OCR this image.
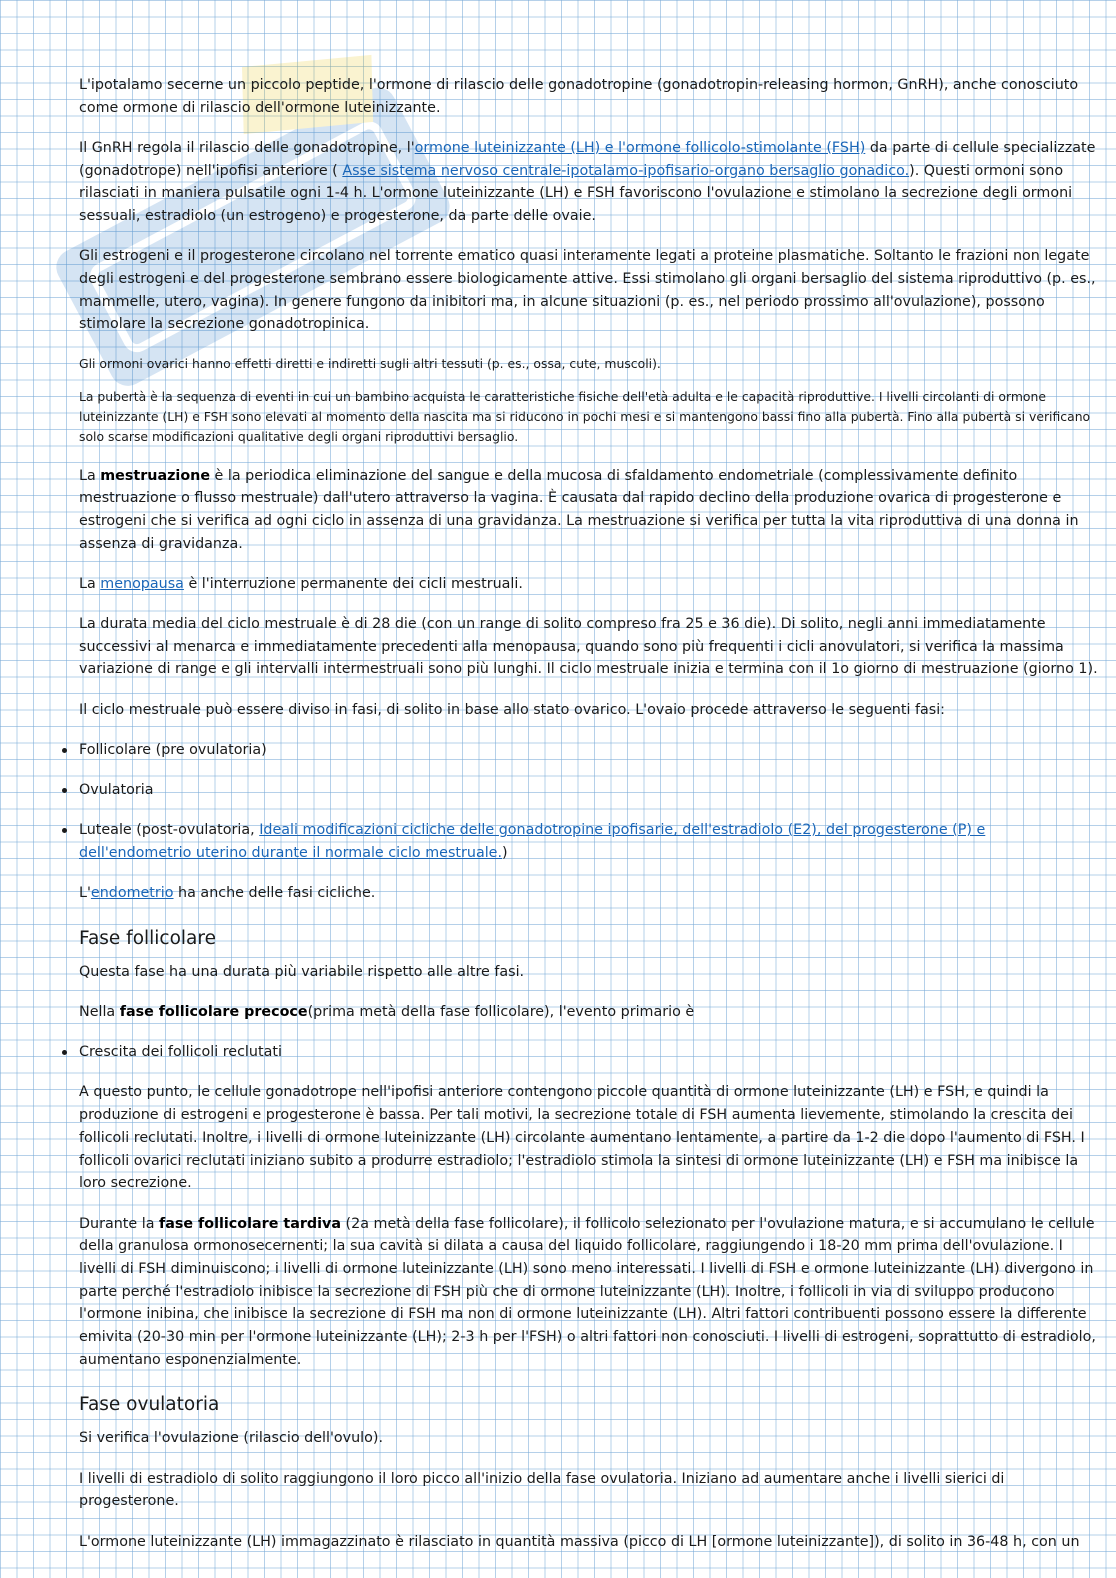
L'ipotalamo secerne un piccolo peptide, l'ormone di rilascio delle gonadotropine (gonadotropin-releasing hormon, GnRH), anche conosciuto come ormone di rilascio dell'ormone luteinizzante.

Il GnRH regola il rilascio delle gonadotropine, l'ormone luteinizzante (LH) e l'ormone follicolo-stimolante (FSH) da parte di cellule specializzate (gonadotrope) nell'ipofisi anteriore ( Asse sistema nervoso centrale-ipotalamo-ipofisario-organo bersaglio gonadico.). Questi ormoni sono rilasciati in maniera pulsatile ogni 1-4 h. L'ormone luteinizzante (LH) e FSH favoriscono l'ovulazione e stimolano la secrezione degli ormoni sessuali, estradiolo (un estrogeno) e progesterone, da parte delle ovaie.

Gli estrogeni e il progesterone circolano nel torrente ematico quasi interamente legati a proteine plasmatiche. Soltanto le frazioni non legate degli estrogeni e del progesterone sembrano essere biologicamente attive. Essi stimolano gli organi bersaglio del sistema riproduttivo (p. es., mammelle, utero, vagina). In genere fungono da inibitori ma, in alcune situazioni (p. es., nel periodo prossimo all'ovulazione), possono stimolare la secrezione gonadotropinica.

Gli ormoni ovarici hanno effetti diretti e indiretti sugli altri tessuti (p. es., ossa, cute, muscoli).

La pubertà è la sequenza di eventi in cui un bambino acquista le caratteristiche fisiche dell'età adulta e le capacità riproduttive. I livelli circolanti di ormone luteinizzante (LH) e FSH sono elevati al momento della nascita ma si riducono in pochi mesi e si mantengono bassi fino alla pubertà. Fino alla pubertà si verificano solo scarse modificazioni qualitative degli organi riproduttivi bersaglio.

La mestruazione è la periodica eliminazione del sangue e della mucosa di sfaldamento endometriale (complessivamente definito mestruazione o flusso mestruale) dall'utero attraverso la vagina. È causata dal rapido declino della produzione ovarica di progesterone e estrogeni che si verifica ad ogni ciclo in assenza di una gravidanza. La mestruazione si verifica per tutta la vita riproduttiva di una donna in assenza di gravidanza.

La menopausa è l'interruzione permanente dei cicli mestruali.

La durata media del ciclo mestruale è di 28 die (con un range di solito compreso fra 25 e 36 die). Di solito, negli anni immediatamente successivi al menarca e immediatamente precedenti alla menopausa, quando sono più frequenti i cicli anovulatori, si verifica la massima variazione di range e gli intervalli intermestruali sono più lunghi. Il ciclo mestruale inizia e termina con il 1o giorno di mestruazione (giorno 1).

Il ciclo mestruale può essere diviso in fasi, di solito in base allo stato ovarico. L'ovaio procede attraverso le seguenti fasi:

Follicolare (pre ovulatoria)
Ovulatoria
Luteale (post-ovulatoria, Ideali modificazioni cicliche delle gonadotropine ipofisarie, dell'estradiolo (E2), del progesterone (P) e dell'endometrio uterino durante il normale ciclo mestruale.)

L'endometrio ha anche delle fasi cicliche.

Fase follicolare

Questa fase ha una durata più variabile rispetto alle altre fasi.

Nella fase follicolare precoce(prima metà della fase follicolare), l'evento primario è

Crescita dei follicoli reclutati

A questo punto, le cellule gonadotrope nell'ipofisi anteriore contengono piccole quantità di ormone luteinizzante (LH) e FSH, e quindi la produzione di estrogeni e progesterone è bassa. Per tali motivi, la secrezione totale di FSH aumenta lievemente, stimolando la crescita dei follicoli reclutati. Inoltre, i livelli di ormone luteinizzante (LH) circolante aumentano lentamente, a partire da 1-2 die dopo l'aumento di FSH. I follicoli ovarici reclutati iniziano subito a produrre estradiolo; l'estradiolo stimola la sintesi di ormone luteinizzante (LH) e FSH ma inibisce la loro secrezione.

Durante la fase follicolare tardiva (2a metà della fase follicolare), il follicolo selezionato per l'ovulazione matura, e si accumulano le cellule della granulosa ormonosecernenti; la sua cavità si dilata a causa del liquido follicolare, raggiungendo i 18-20 mm prima dell'ovulazione. I livelli di FSH diminuiscono; i livelli di ormone luteinizzante (LH) sono meno interessati. I livelli di FSH e ormone luteinizzante (LH) divergono in parte perché l'estradiolo inibisce la secrezione di FSH più che di ormone luteinizzante (LH). Inoltre, i follicoli in via di sviluppo producono l'ormone inibina, che inibisce la secrezione di FSH ma non di ormone luteinizzante (LH). Altri fattori contribuenti possono essere la differente emivita (20-30 min per l'ormone luteinizzante (LH); 2-3 h per l'FSH) o altri fattori non conosciuti. I livelli di estrogeni, soprattutto di estradiolo, aumentano esponenzialmente.

Fase ovulatoria

Si verifica l'ovulazione (rilascio dell'ovulo).

I livelli di estradiolo di solito raggiungono il loro picco all'inizio della fase ovulatoria. Iniziano ad aumentare anche i livelli sierici di progesterone.

L'ormone luteinizzante (LH) immagazzinato è rilasciato in quantità massiva (picco di LH [ormone luteinizzante]), di solito in 36-48 h, con un
